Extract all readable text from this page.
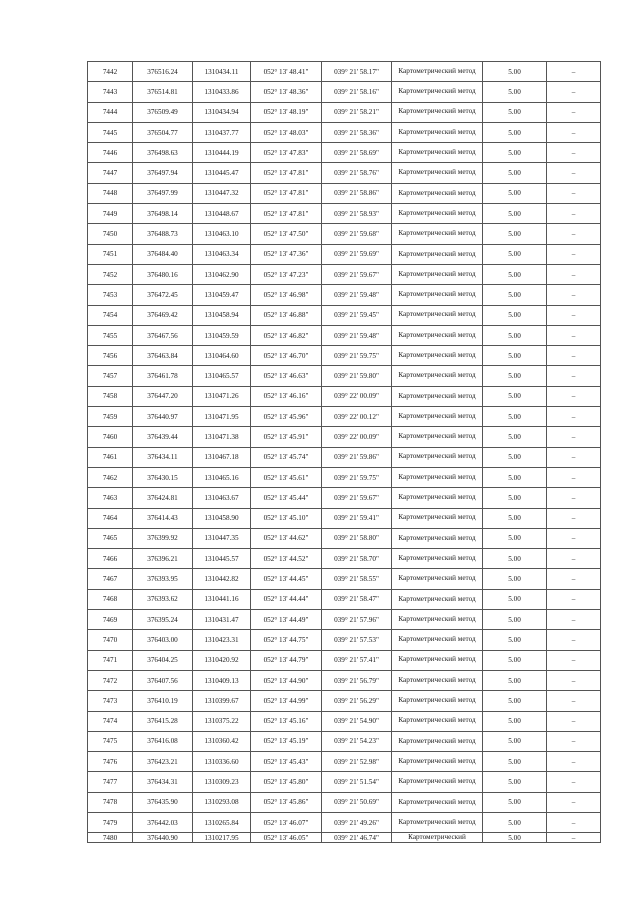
7442	376516.24	1310434.11	052° 13' 48.41"	039° 21' 58.17"	Картометрический метод	5.00	–
7443	376514.81	1310433.86	052° 13' 48.36"	039° 21' 58.16"	Картометрический метод	5.00	–
7444	376509.49	1310434.94	052° 13' 48.19"	039° 21' 58.21"	Картометрический метод	5.00	–
7445	376504.77	1310437.77	052° 13' 48.03"	039° 21' 58.36"	Картометрический метод	5.00	–
7446	376498.63	1310444.19	052° 13' 47.83"	039° 21' 58.69"	Картометрический метод	5.00	–
7447	376497.94	1310445.47	052° 13' 47.81"	039° 21' 58.76"	Картометрический метод	5.00	–
7448	376497.99	1310447.32	052° 13' 47.81"	039° 21' 58.86"	Картометрический метод	5.00	–
7449	376498.14	1310448.67	052° 13' 47.81"	039° 21' 58.93"	Картометрический метод	5.00	–
7450	376488.73	1310463.10	052° 13' 47.50"	039° 21' 59.68"	Картометрический метод	5.00	–
7451	376484.40	1310463.34	052° 13' 47.36"	039° 21' 59.69"	Картометрический метод	5.00	–
7452	376480.16	1310462.90	052° 13' 47.23"	039° 21' 59.67"	Картометрический метод	5.00	–
7453	376472.45	1310459.47	052° 13' 46.98"	039° 21' 59.48"	Картометрический метод	5.00	–
7454	376469.42	1310458.94	052° 13' 46.88"	039° 21' 59.45"	Картометрический метод	5.00	–
7455	376467.56	1310459.59	052° 13' 46.82"	039° 21' 59.48"	Картометрический метод	5.00	–
7456	376463.84	1310464.60	052° 13' 46.70"	039° 21' 59.75"	Картометрический метод	5.00	–
7457	376461.78	1310465.57	052° 13' 46.63"	039° 21' 59.80"	Картометрический метод	5.00	–
7458	376447.20	1310471.26	052° 13' 46.16"	039° 22' 00.09"	Картометрический метод	5.00	–
7459	376440.97	1310471.95	052° 13' 45.96"	039° 22' 00.12"	Картометрический метод	5.00	–
7460	376439.44	1310471.38	052° 13' 45.91"	039° 22' 00.09"	Картометрический метод	5.00	–
7461	376434.11	1310467.18	052° 13' 45.74"	039° 21' 59.86"	Картометрический метод	5.00	–
7462	376430.15	1310465.16	052° 13' 45.61"	039° 21' 59.75"	Картометрический метод	5.00	–
7463	376424.81	1310463.67	052° 13' 45.44"	039° 21' 59.67"	Картометрический метод	5.00	–
7464	376414.43	1310458.90	052° 13' 45.10"	039° 21' 59.41"	Картометрический метод	5.00	–
7465	376399.92	1310447.35	052° 13' 44.62"	039° 21' 58.80"	Картометрический метод	5.00	–
7466	376396.21	1310445.57	052° 13' 44.52"	039° 21' 58.70"	Картометрический метод	5.00	–
7467	376393.95	1310442.82	052° 13' 44.45"	039° 21' 58.55"	Картометрический метод	5.00	–
7468	376393.62	1310441.16	052° 13' 44.44"	039° 21' 58.47"	Картометрический метод	5.00	–
7469	376395.24	1310431.47	052° 13' 44.49"	039° 21' 57.96"	Картометрический метод	5.00	–
7470	376403.00	1310423.31	052° 13' 44.75"	039° 21' 57.53"	Картометрический метод	5.00	–
7471	376404.25	1310420.92	052° 13' 44.79"	039° 21' 57.41"	Картометрический метод	5.00	–
7472	376407.56	1310409.13	052° 13' 44.90"	039° 21' 56.79"	Картометрический метод	5.00	–
7473	376410.19	1310399.67	052° 13' 44.99"	039° 21' 56.29"	Картометрический метод	5.00	–
7474	376415.28	1310375.22	052° 13' 45.16"	039° 21' 54.90"	Картометрический метод	5.00	–
7475	376416.08	1310360.42	052° 13' 45.19"	039° 21' 54.23"	Картометрический метод	5.00	–
7476	376423.21	1310336.60	052° 13' 45.43"	039° 21' 52.98"	Картометрический метод	5.00	–
7477	376434.31	1310309.23	052° 13' 45.80"	039° 21' 51.54"	Картометрический метод	5.00	–
7478	376435.90	1310293.08	052° 13' 45.86"	039° 21' 50.69"	Картометрический метод	5.00	–
7479	376442.03	1310265.84	052° 13' 46.07"	039° 21' 49.26"	Картометрический метод	5.00	–
7480	376440.90	1310217.95	052° 13' 46.05"	039° 21' 46.74"	Картометрический	5.00	–
